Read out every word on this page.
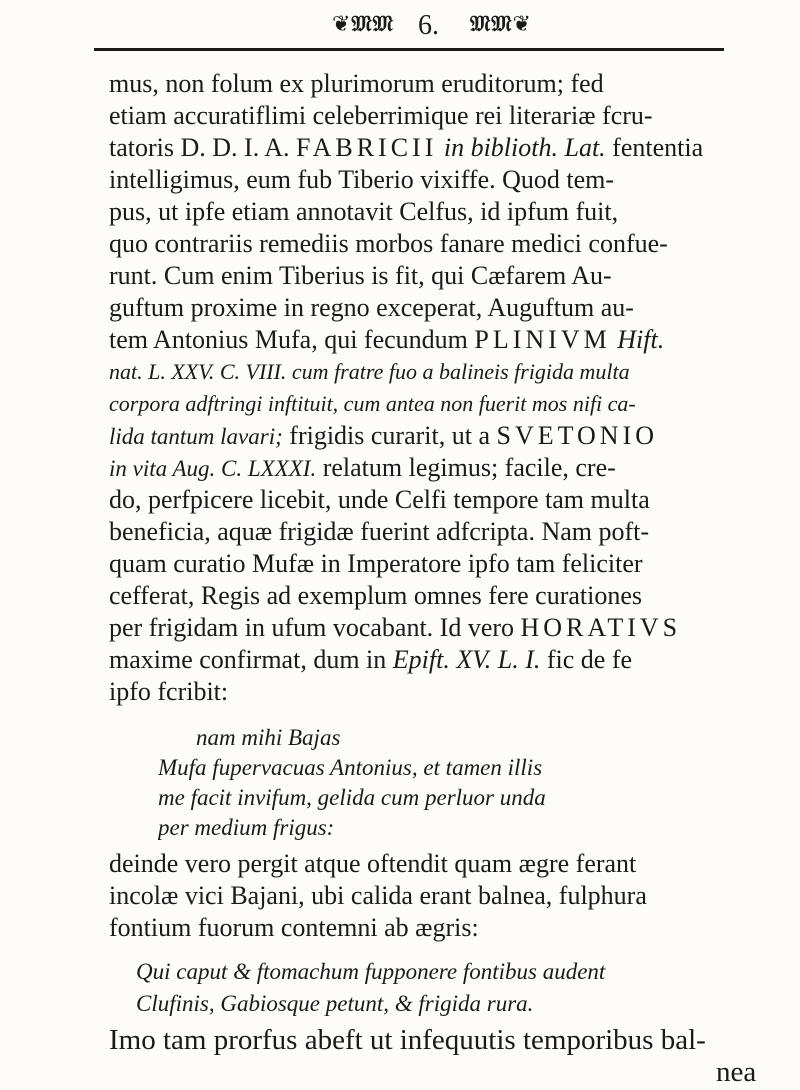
❦𝔐𝔐 6. 𝔐𝔐❦
mus, non folum ex plurimorum eruditorum; fed
etiam accuratiflimi celeberrimique rei literariæ fcru-
tatoris D. D. I. A. FABRICII in biblioth. Lat. fententia
intelligimus, eum fub Tiberio vixiffe. Quod tem-
pus, ut ipfe etiam annotavit Celfus, id ipfum fuit,
quo contrariis remediis morbos fanare medici confue-
runt. Cum enim Tiberius is fit, qui Cæfarem Au-
guftum proxime in regno exceperat, Auguftum au-
tem Antonius Mufa, qui fecundum PLINIVM Hift.
nat. L. XXV. C. VIII. cum fratre fuo a balineis frigida multa
corpora adftringi inftituit, cum antea non fuerit mos nifi ca-
lida tantum lavari; frigidis curarit, ut a SVETONIO
in vita Aug. C. LXXXI. relatum legimus; facile, cre-
do, perfpicere licebit, unde Celfi tempore tam multa
beneficia, aquæ frigidæ fuerint adfcripta. Nam poft-
quam curatio Mufæ in Imperatore ipfo tam feliciter
cefferat, Regis ad exemplum omnes fere curationes
per frigidam in ufum vocabant. Id vero HORATIVS
maxime confirmat, dum in Epift. XV. L. I. fic de fe
ipfo fcribit:
nam mihi Bajas
Mufa fupervacuas Antonius, et tamen illis
me facit invifum, gelida cum perluor unda
per medium frigus:
deinde vero pergit atque oftendit quam ægre ferant
incolæ vici Bajani, ubi calida erant balnea, fulphura
fontium fuorum contemni ab ægris:
Qui caput & ftomachum fupponere fontibus audent
Clufinis, Gabiosque petunt, & frigida rura.
Imo tam prorfus abeft ut infequutis temporibus bal-
nea
